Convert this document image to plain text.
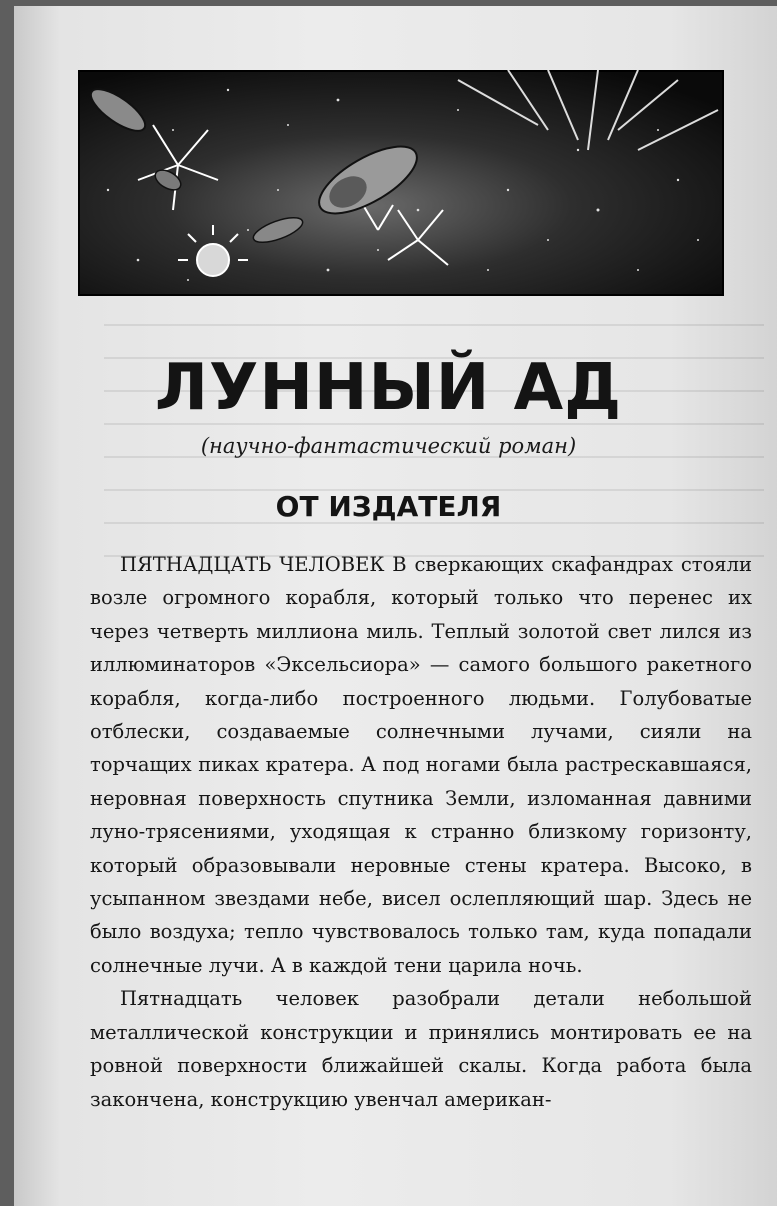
ЛУННЫЙ АД
(научно-фантастический роман)
ОТ ИЗДАТЕЛЯ

ПЯТНАДЦАТЬ ЧЕЛОВЕК В сверкающих скафандрах стояли возле огромного корабля, который только что перенес их через четверть миллиона миль. Теплый золотой свет лился из иллюминаторов «Эксельсиора» — самого большого ракетного корабля, когда-либо построенного людьми. Голубоватые отблески, создаваемые солнечными лучами, сияли на торчащих пиках кратера. А под ногами была растрескавшаяся, неровная поверхность спутника Земли, изломанная давними луно-трясениями, уходящая к странно близкому горизонту, который образовывали неровные стены кратера. Высоко, в усыпанном звездами небе, висел ослепляющий шар. Здесь не было воздуха; тепло чувствовалось только там, куда попадали солнечные лучи. А в каждой тени царила ночь.

Пятнадцать человек разобрали детали небольшой металлической конструкции и принялись монтировать ее на ровной поверхности ближайшей скалы. Когда работа была закончена, конструкцию увенчал американ-
